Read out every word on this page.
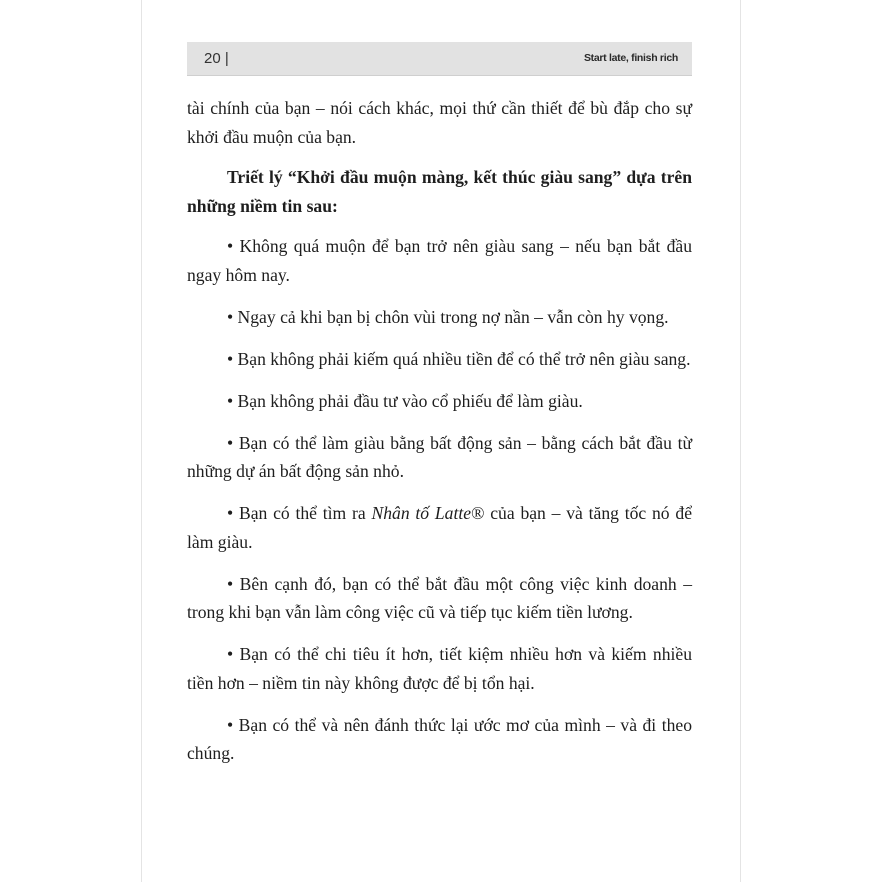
20 |	Start late, finish rich

tài chính của bạn – nói cách khác, mọi thứ cần thiết để bù đắp cho sự khởi đầu muộn của bạn.

Triết lý “Khởi đầu muộn màng, kết thúc giàu sang” dựa trên những niềm tin sau:

• Không quá muộn để bạn trở nên giàu sang – nếu bạn bắt đầu ngay hôm nay.

• Ngay cả khi bạn bị chôn vùi trong nợ nần – vẫn còn hy vọng.

• Bạn không phải kiếm quá nhiều tiền để có thể trở nên giàu sang.

• Bạn không phải đầu tư vào cổ phiếu để làm giàu.

• Bạn có thể làm giàu bằng bất động sản – bằng cách bắt đầu từ những dự án bất động sản nhỏ.

• Bạn có thể tìm ra Nhân tố Latte® của bạn – và tăng tốc nó để làm giàu.

• Bên cạnh đó, bạn có thể bắt đầu một công việc kinh doanh – trong khi bạn vẫn làm công việc cũ và tiếp tục kiếm tiền lương.

• Bạn có thể chi tiêu ít hơn, tiết kiệm nhiều hơn và kiếm nhiều tiền hơn – niềm tin này không được để bị tổn hại.

• Bạn có thể và nên đánh thức lại ước mơ của mình – và đi theo chúng.
